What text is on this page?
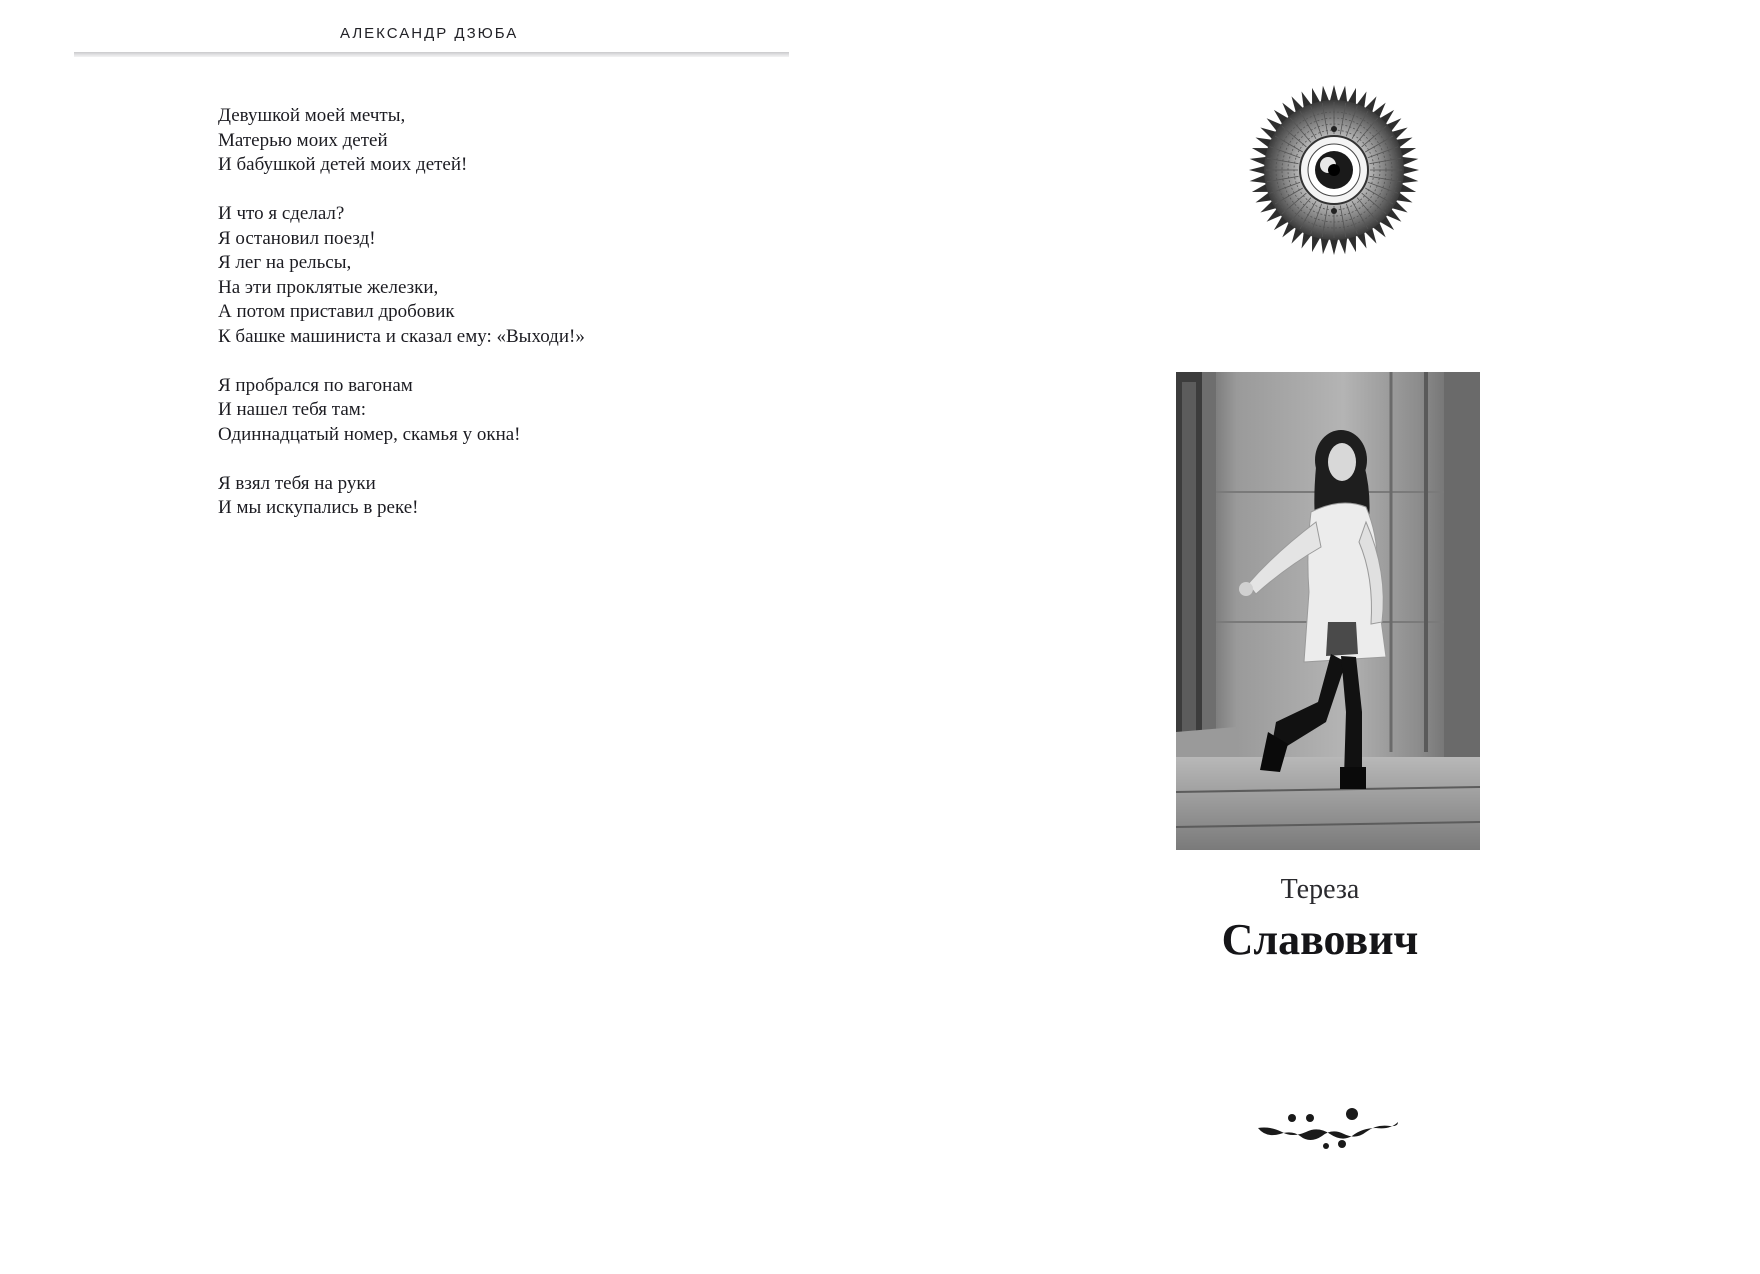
АЛЕКСАНДР ДЗЮБА
Девушкой моей мечты,
Матерью моих детей
И бабушкой детей моих детей!
И что я сделал?
Я остановил поезд!
Я лег на рельсы,
На эти проклятые железки,
А потом приставил дробовик
К башке машиниста и сказал ему: «Выходи!»
Я пробрался по вагонам
И нашел тебя там:
Одиннадцатый номер, скамья у окна!
Я взял тебя на руки
И мы искупались в реке!
Тереза
Славович
